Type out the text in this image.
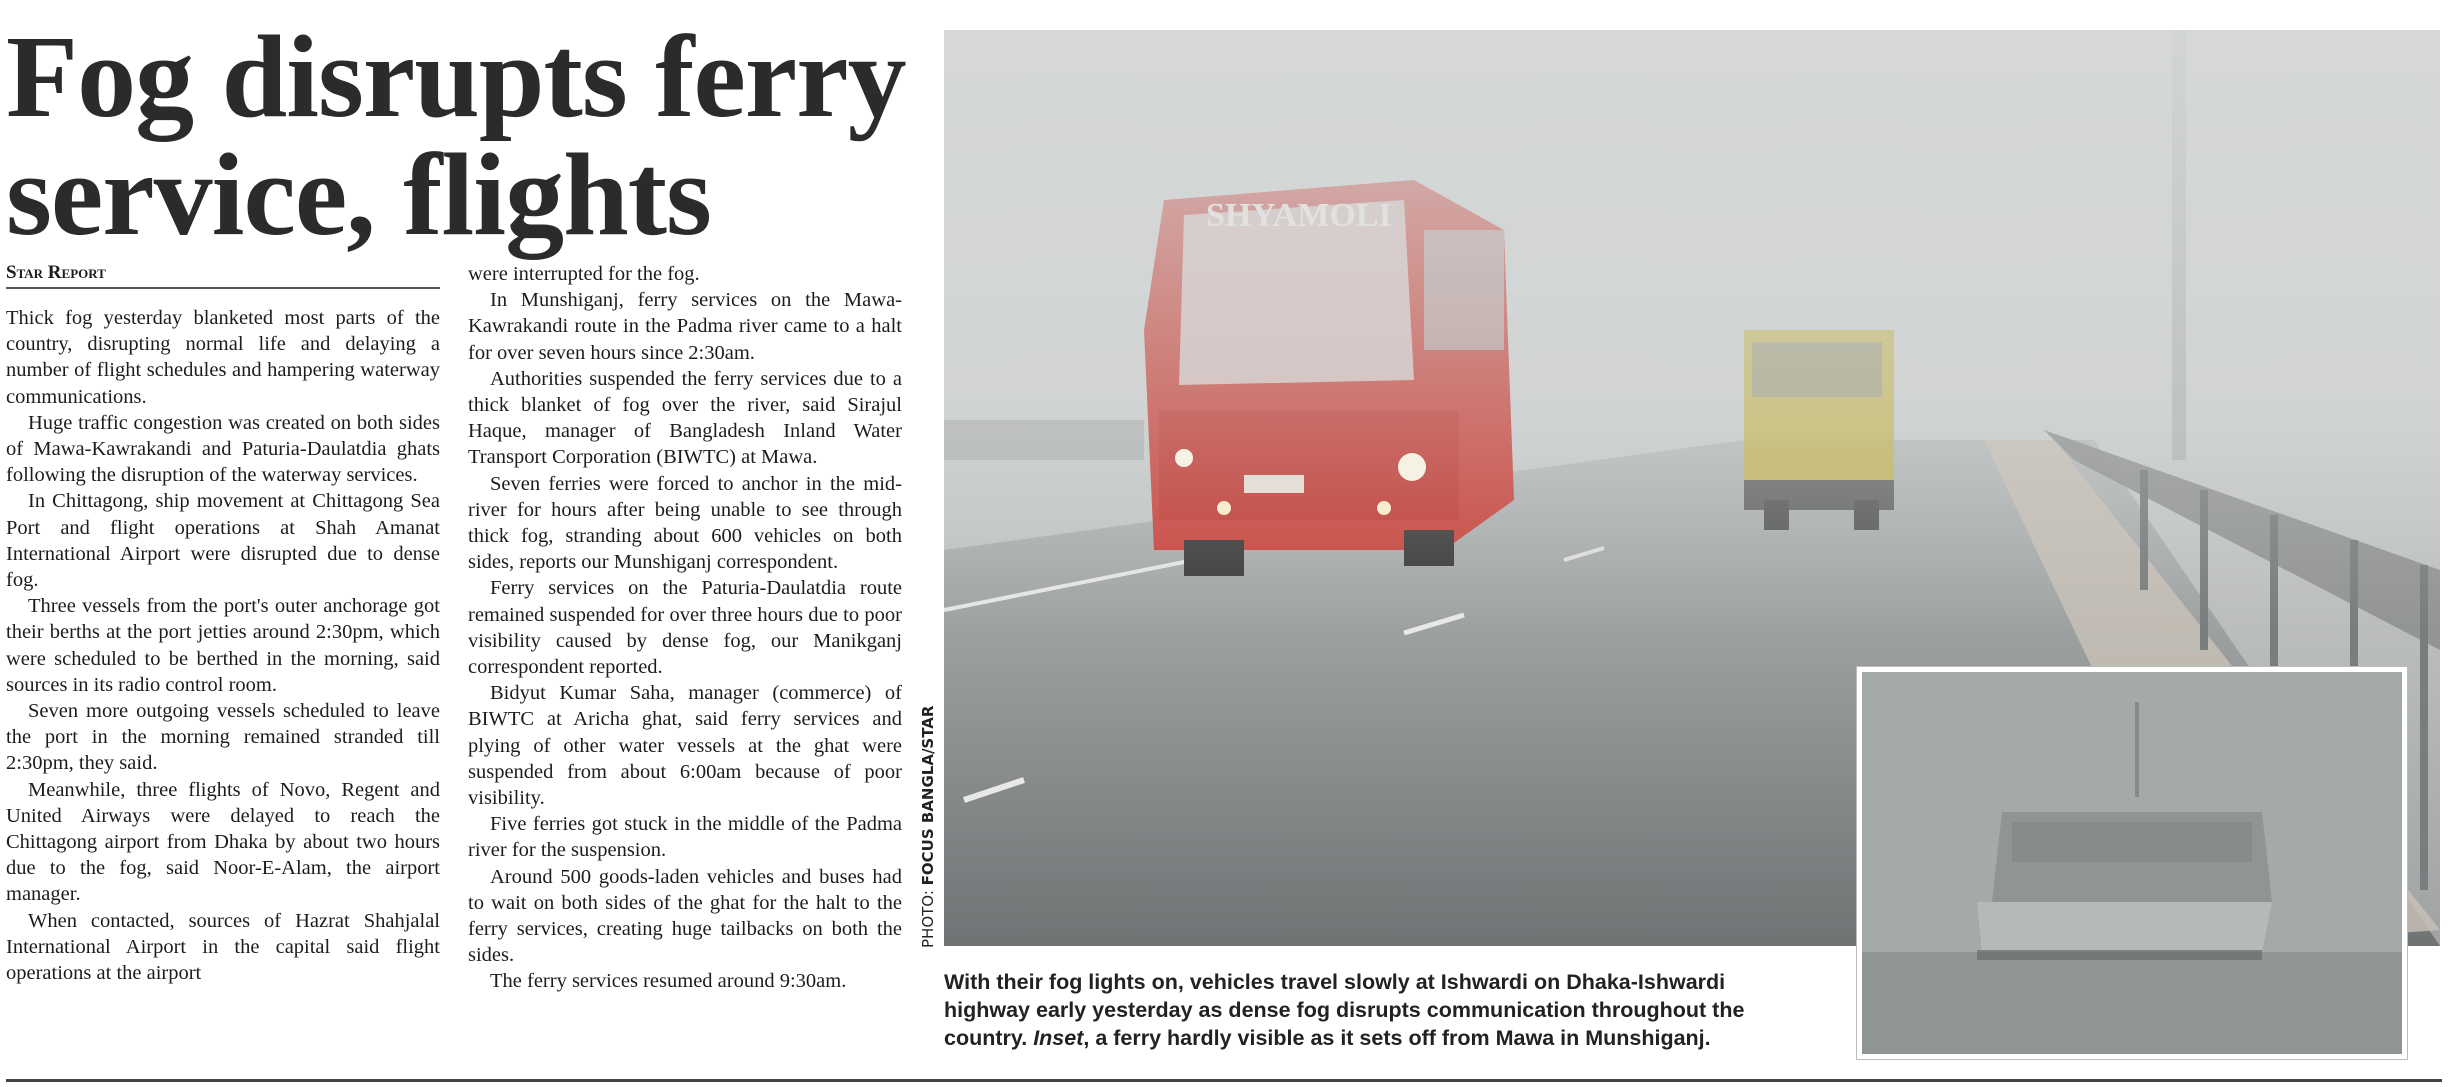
Fog disrupts ferry service, flights
Star Report

Thick fog yesterday blanketed most parts of the country, disrupting normal life and delaying a number of flight schedules and hampering waterway communications.

Huge traffic congestion was created on both sides of Mawa-Kawrakandi and Paturia-Daulatdia ghats following the disruption of the waterway services.

In Chittagong, ship movement at Chittagong Sea Port and flight operations at Shah Amanat International Airport were disrupted due to dense fog.

Three vessels from the port's outer anchorage got their berths at the port jetties around 2:30pm, which were scheduled to be berthed in the morning, said sources in its radio control room.

Seven more outgoing vessels scheduled to leave the port in the morning remained stranded till 2:30pm, they said.

Meanwhile, three flights of Novo, Regent and United Airways were delayed to reach the Chittagong airport from Dhaka by about two hours due to the fog, said Noor-E-Alam, the airport manager.

When contacted, sources of Hazrat Shahjalal International Airport in the capital said flight operations at the airport

were interrupted for the fog.

In Munshiganj, ferry services on the Mawa-Kawrakandi route in the Padma river came to a halt for over seven hours since 2:30am.

Authorities suspended the ferry services due to a thick blanket of fog over the river, said Sirajul Haque, manager of Bangladesh Inland Water Transport Corporation (BIWTC) at Mawa.

Seven ferries were forced to anchor in the mid-river for hours after being unable to see through thick fog, stranding about 600 vehicles on both sides, reports our Munshiganj correspondent.

Ferry services on the Paturia-Daulatdia route remained suspended for over three hours due to poor visibility caused by dense fog, our Manikganj correspondent reported.

Bidyut Kumar Saha, manager (commerce) of BIWTC at Aricha ghat, said ferry services and plying of other water vessels at the ghat were suspended from about 6:00am because of poor visibility.

Five ferries got stuck in the middle of the Padma river for the suspension.

Around 500 goods-laden vehicles and buses had to wait on both sides of the ghat for the halt to the ferry services, creating huge tailbacks on both the sides.

The ferry services resumed around 9:30am.

PHOTO: FOCUS BANGLA/STAR
With their fog lights on, vehicles travel slowly at Ishwardi on Dhaka-Ishwardi highway early yesterday as dense fog disrupts communication throughout the country. Inset, a ferry hardly visible as it sets off from Mawa in Munshiganj.
